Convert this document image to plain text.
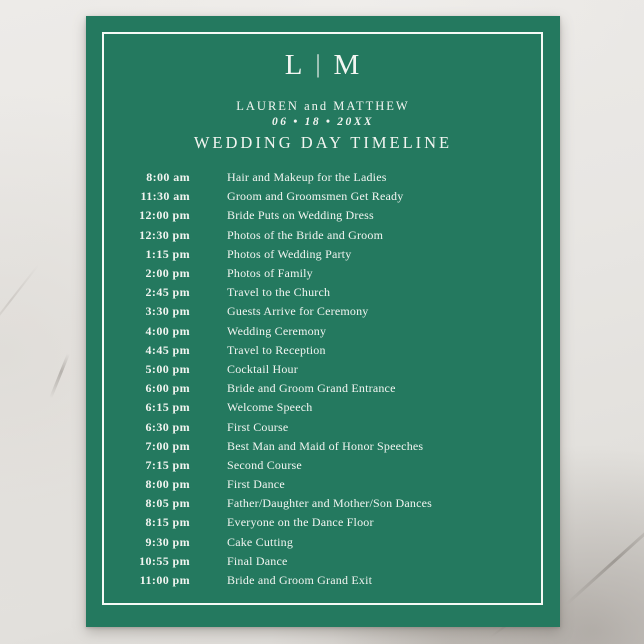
L | M
LAUREN and MATTHEW
06 • 18 • 20XX
WEDDING DAY TIMELINE
8:00 am	Hair and Makeup for the Ladies
11:30 am	Groom and Groomsmen Get Ready
12:00 pm	Bride Puts on Wedding Dress
12:30 pm	Photos of the Bride and Groom
1:15 pm	Photos of Wedding Party
2:00 pm	Photos of Family
2:45 pm	Travel to the Church
3:30 pm	Guests Arrive for Ceremony
4:00 pm	Wedding Ceremony
4:45 pm	Travel to Reception
5:00 pm	Cocktail Hour
6:00 pm	Bride and Groom Grand Entrance
6:15 pm	Welcome Speech
6:30 pm	First Course
7:00 pm	Best Man and Maid of Honor Speeches
7:15 pm	Second Course
8:00 pm	First Dance
8:05 pm	Father/Daughter and Mother/Son Dances
8:15 pm	Everyone on the Dance Floor
9:30 pm	Cake Cutting
10:55 pm	Final Dance
11:00 pm	Bride and Groom Grand Exit
